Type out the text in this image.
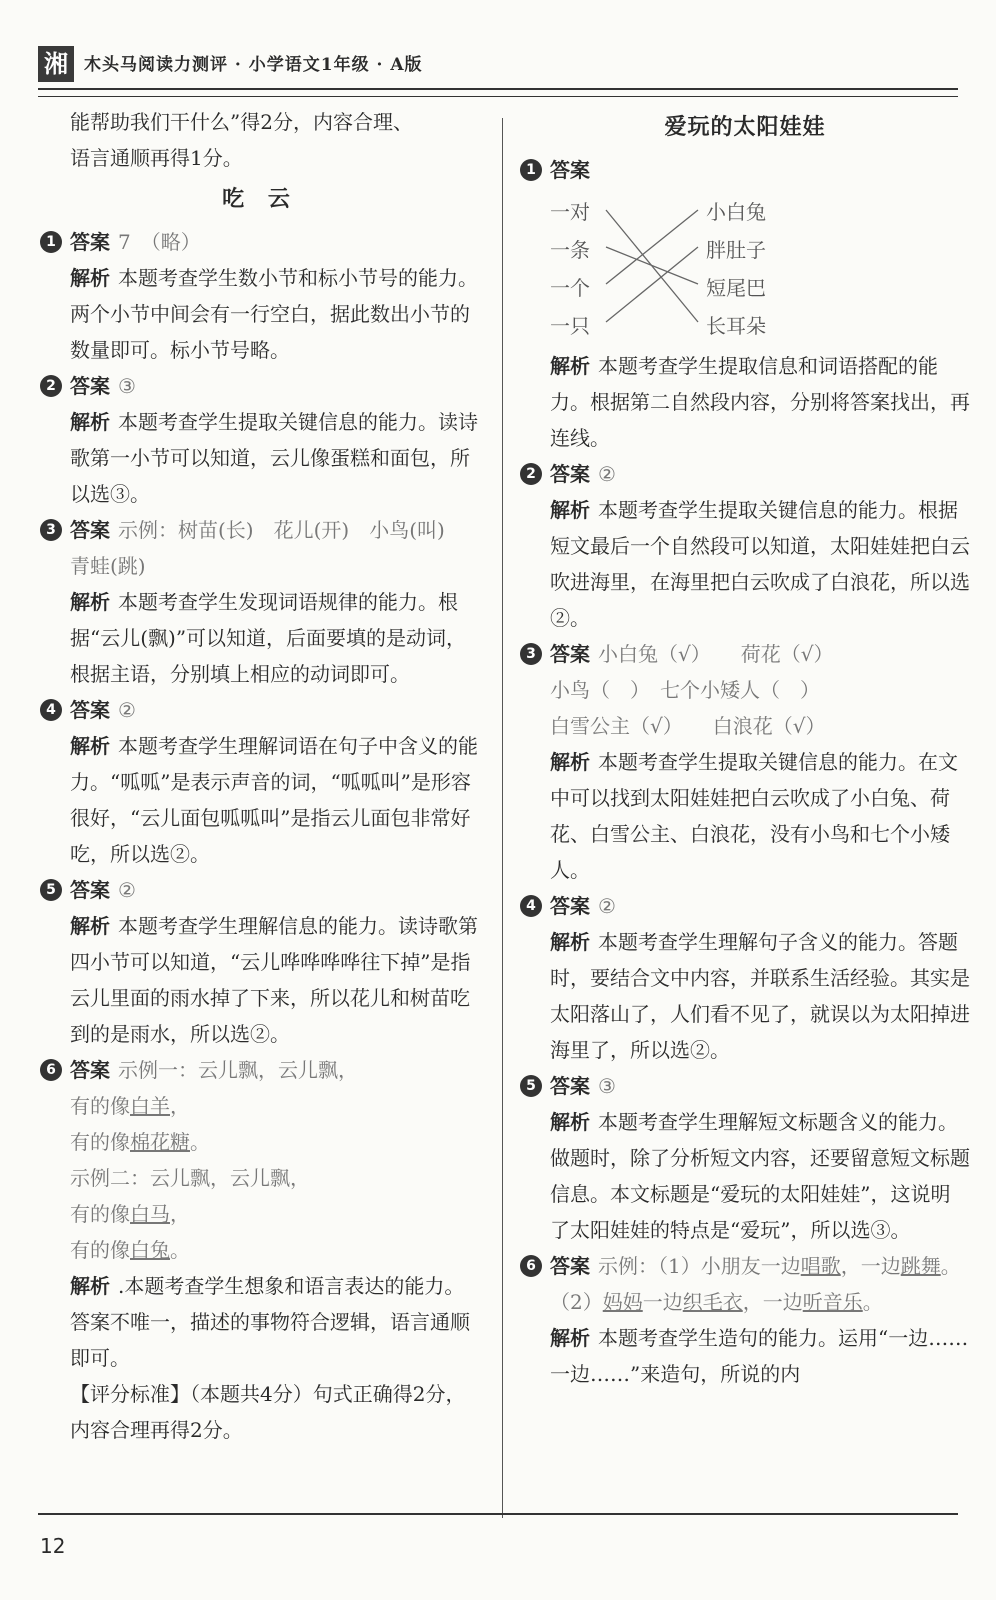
湘 木头马阅读力测评 · 小学语文1年级 · A版

能帮助我们干什么”得2分，内容合理、

语言通顺再得1分。

吃 云
1 答案 7　（略）

解析 本题考查学生数小节和标小节号的能力。两个小节中间会有一行空白，据此数出小节的数量即可。标小节号略。

2 答案 ③

解析 本题考查学生提取关键信息的能力。读诗歌第一小节可以知道，云儿像蛋糕和面包，所以选③。

3 答案 示例：树苗(长)　花儿(开)　小鸟(叫)　青蛙(跳)

解析 本题考查学生发现词语规律的能力。根据“云儿(飘)”可以知道，后面要填的是动词，根据主语，分别填上相应的动词即可。

4 答案 ②

解析 本题考查学生理解词语在句子中含义的能力。“呱呱”是表示声音的词，“呱呱叫”是形容很好，“云儿面包呱呱叫”是指云儿面包非常好吃，所以选②。

5 答案 ②

解析 本题考查学生理解信息的能力。读诗歌第四小节可以知道，“云儿哗哗哗哗往下掉”是指云儿里面的雨水掉了下来，所以花儿和树苗吃到的是雨水，所以选②。

6 答案 示例一：云儿飘，云儿飘，

有的像白羊，

有的像棉花糖。

示例二：云儿飘，云儿飘，

有的像白马，

有的像白兔。

解析 .本题考查学生想象和语言表达的能力。答案不唯一，描述的事物符合逻辑，语言通顺即可。

【评分标准】（本题共4分）句式正确得2分，内容合理再得2分。

爱玩的太阳娃娃
1 答案

一对
一条
一个
一只
小白兔
胖肚子
短尾巴
长耳朵

解析 本题考查学生提取信息和词语搭配的能力。根据第二自然段内容，分别将答案找出，再连线。

2 答案 ②

解析 本题考查学生提取关键信息的能力。根据短文最后一个自然段可以知道，太阳娃娃把白云吹进海里，在海里把白云吹成了白浪花，所以选②。

3 答案 小白兔（√）　　荷花（√）

小鸟（　）　七个小矮人（　）

白雪公主（√）　　白浪花（√）

解析 本题考查学生提取关键信息的能力。在文中可以找到太阳娃娃把白云吹成了小白兔、荷花、白雪公主、白浪花，没有小鸟和七个小矮人。

4 答案 ②

解析 本题考查学生理解句子含义的能力。答题时，要结合文中内容，并联系生活经验。其实是太阳落山了，人们看不见了，就误以为太阳掉进海里了，所以选②。

5 答案 ③

解析 本题考查学生理解短文标题含义的能力。做题时，除了分析短文内容，还要留意短文标题信息。本文标题是“爱玩的太阳娃娃”，这说明了太阳娃娃的特点是“爱玩”，所以选③。

6 答案 示例：（1）小朋友一边唱歌，一边跳舞。（2）妈妈一边织毛衣，一边听音乐。

解析 本题考查学生造句的能力。运用“一边……一边……”来造句，所说的内

12
